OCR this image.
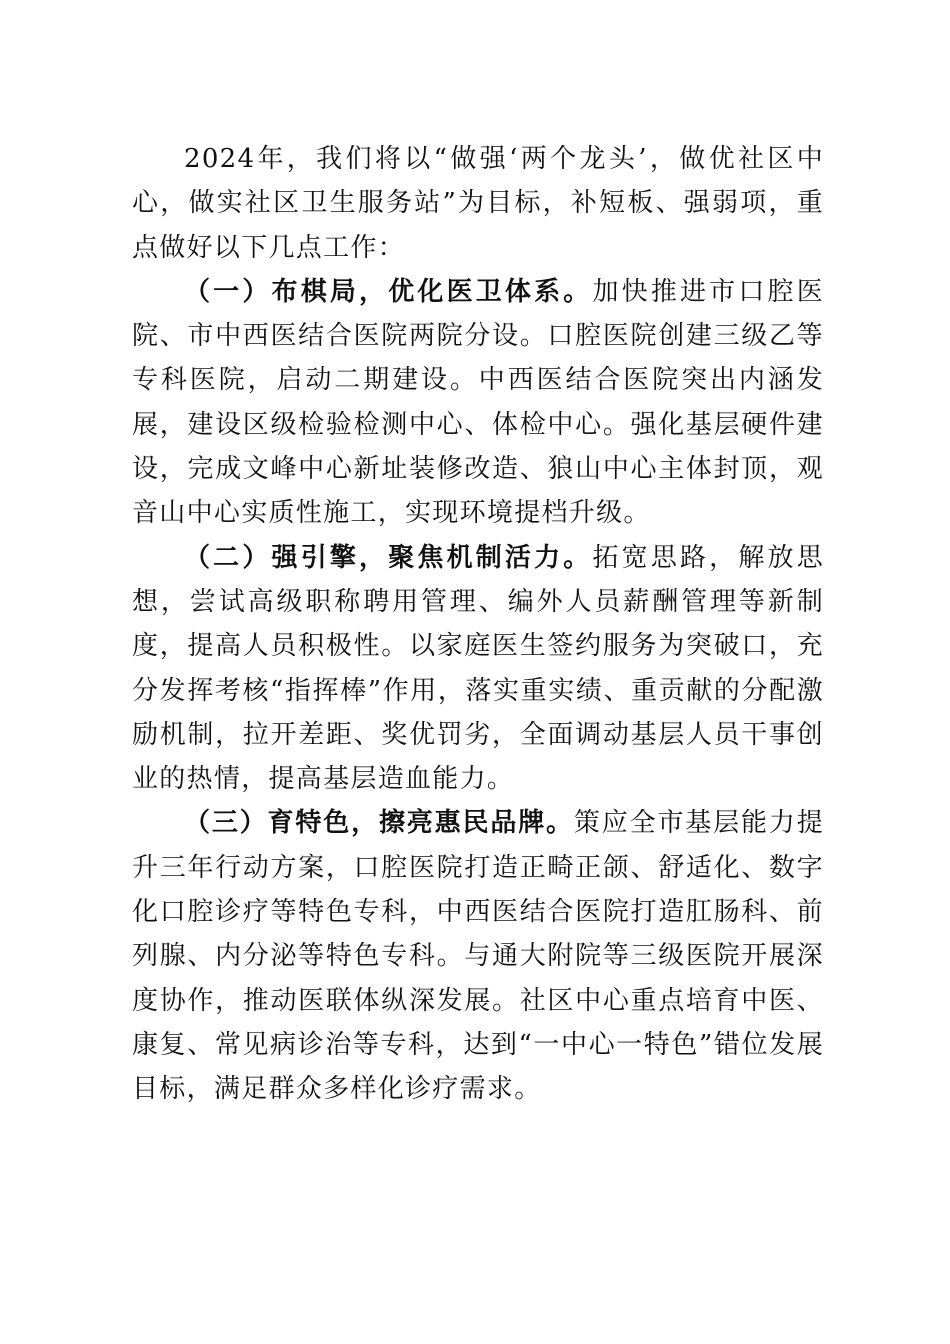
2024年，我们将以“做强‘两个龙头’，做优社区中心，做实社区卫生服务站”为目标，补短板、强弱项，重点做好以下几点工作：

（一）布棋局，优化医卫体系。加快推进市口腔医院、市中西医结合医院两院分设。口腔医院创建三级乙等专科医院，启动二期建设。中西医结合医院突出内涵发展，建设区级检验检测中心、体检中心。强化基层硬件建设，完成文峰中心新址装修改造、狼山中心主体封顶，观音山中心实质性施工，实现环境提档升级。

（二）强引擎，聚焦机制活力。拓宽思路，解放思想，尝试高级职称聘用管理、编外人员薪酬管理等新制度，提高人员积极性。以家庭医生签约服务为突破口，充分发挥考核“指挥棒”作用，落实重实绩、重贡献的分配激励机制，拉开差距、奖优罚劣，全面调动基层人员干事创业的热情，提高基层造血能力。

（三）育特色，擦亮惠民品牌。策应全市基层能力提升三年行动方案，口腔医院打造正畸正颌、舒适化、数字化口腔诊疗等特色专科，中西医结合医院打造肛肠科、前列腺、内分泌等特色专科。与通大附院等三级医院开展深度协作，推动医联体纵深发展。社区中心重点培育中医、康复、常见病诊治等专科，达到“一中心一特色”错位发展目标，满足群众多样化诊疗需求。
